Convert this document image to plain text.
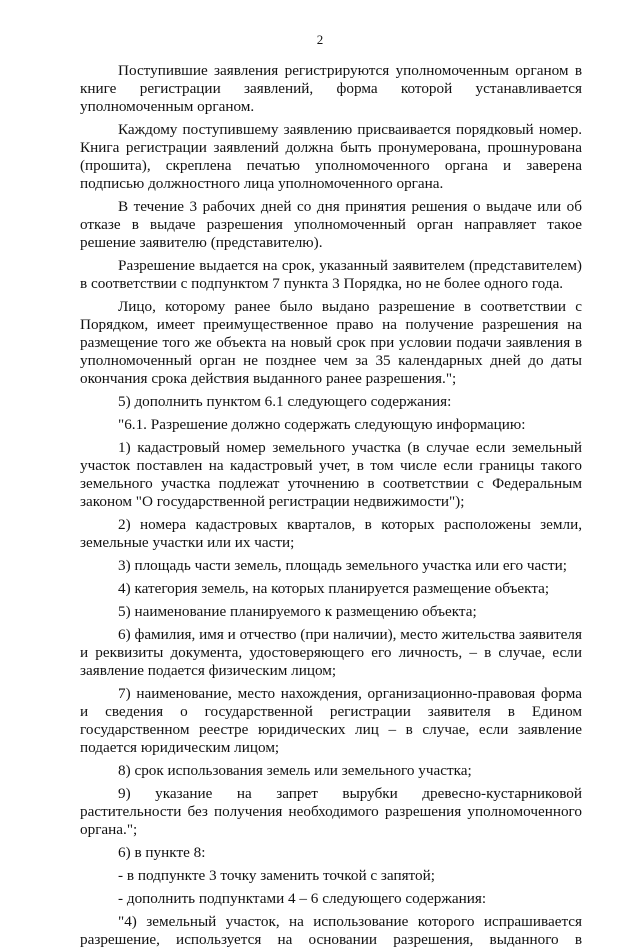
2

Поступившие заявления регистрируются уполномоченным органом в книге регистрации заявлений, форма которой устанавливается уполномоченным органом.

Каждому поступившему заявлению присваивается порядковый номер. Книга регистрации заявлений должна быть пронумерована, прошнурована (прошита), скреплена печатью уполномоченного органа и заверена подписью должностного лица уполномоченного органа.

В течение 3 рабочих дней со дня принятия решения о выдаче или об отказе в выдаче разрешения уполномоченный орган направляет такое решение заявителю (представителю).

Разрешение выдается на срок, указанный заявителем (представителем) в соответствии с подпунктом 7 пункта 3 Порядка, но не более одного года.

Лицо, которому ранее было выдано разрешение в соответствии с Порядком, имеет преимущественное право на получение разрешения на размещение того же объекта на новый срок при условии подачи заявления в уполномоченный орган не позднее чем за 35 календарных дней до даты окончания срока действия выданного ранее разрешения.";

5) дополнить пунктом 6.1 следующего содержания:

"6.1. Разрешение должно содержать следующую информацию:

1) кадастровый номер земельного участка (в случае если земельный участок поставлен на кадастровый учет, в том числе если границы такого земельного участка подлежат уточнению в соответствии с Федеральным законом "О государственной регистрации недвижимости");

2) номера кадастровых кварталов, в которых расположены земли, земельные участки или их части;

3) площадь части земель, площадь земельного участка или его части;

4) категория земель, на которых планируется размещение объекта;

5) наименование планируемого к размещению объекта;

6) фамилия, имя и отчество (при наличии), место жительства заявителя и реквизиты документа, удостоверяющего его личность, – в случае, если заявление подается физическим лицом;

7) наименование, место нахождения, организационно-правовая форма и сведения о государственной регистрации заявителя в Едином государственном реестре юридических лиц – в случае, если заявление подается юридическим лицом;

8) срок использования земель или земельного участка;

9) указание на запрет вырубки древесно-кустарниковой растительности без получения необходимого разрешения уполномоченного органа.";

6) в пункте 8:

- в подпункте 3 точку заменить точкой с запятой;

- дополнить подпунктами 4 – 6 следующего содержания:

"4) земельный участок, на использование которого испрашивается разрешение, используется на основании разрешения, выданного в
